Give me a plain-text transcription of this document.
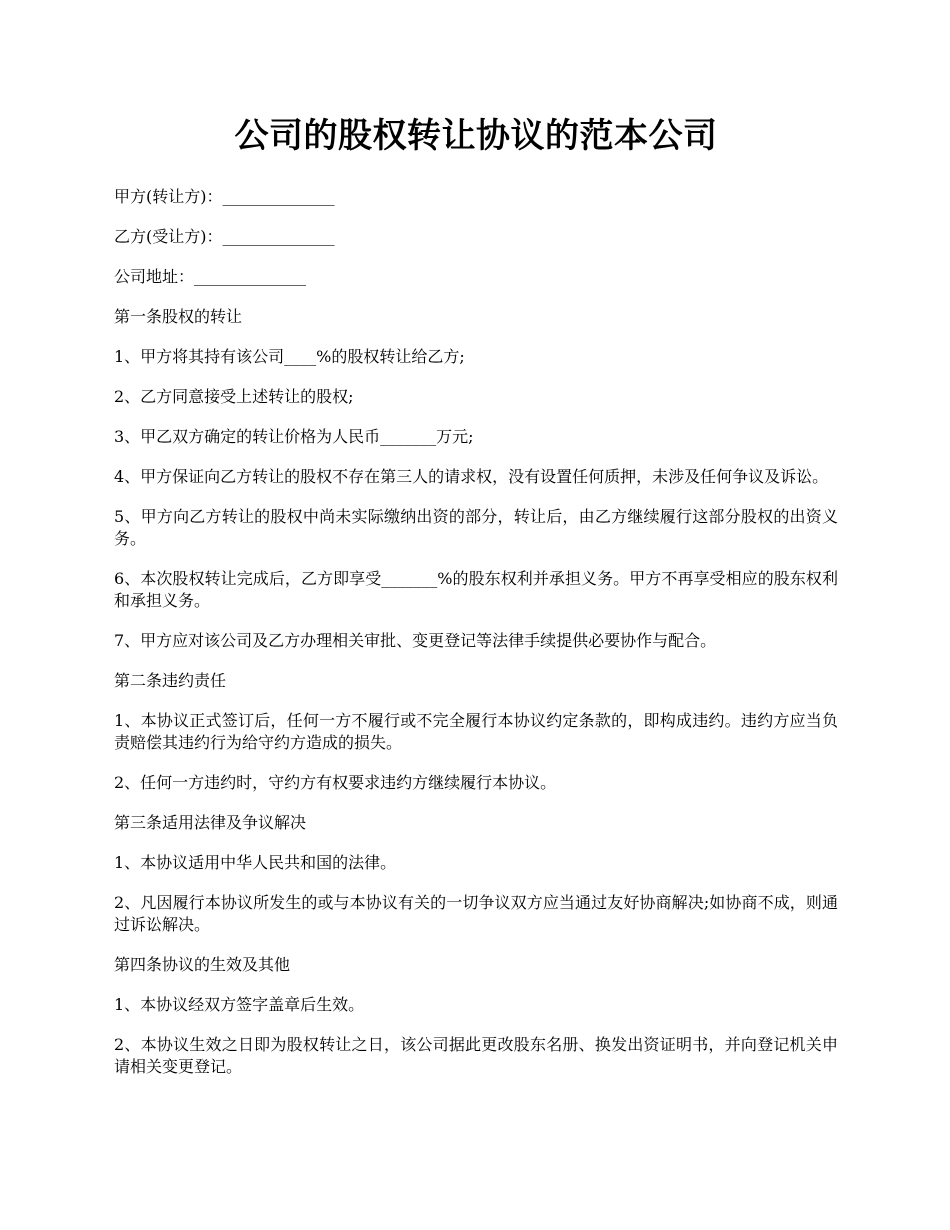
公司的股权转让协议的范本公司

甲方(转让方)：______________

乙方(受让方)：______________

公司地址：______________

第一条股权的转让

1、甲方将其持有该公司____%的股权转让给乙方;

2、乙方同意接受上述转让的股权;

3、甲乙双方确定的转让价格为人民币_______万元;

4、甲方保证向乙方转让的股权不存在第三人的请求权，没有设置任何质押，未涉及任何争议及诉讼。

5、甲方向乙方转让的股权中尚未实际缴纳出资的部分，转让后，由乙方继续履行这部分股权的出资义务。

6、本次股权转让完成后，乙方即享受_______%的股东权利并承担义务。甲方不再享受相应的股东权利和承担义务。

7、甲方应对该公司及乙方办理相关审批、变更登记等法律手续提供必要协作与配合。

第二条违约责任

1、本协议正式签订后，任何一方不履行或不完全履行本协议约定条款的，即构成违约。违约方应当负责赔偿其违约行为给守约方造成的损失。

2、任何一方违约时，守约方有权要求违约方继续履行本协议。

第三条适用法律及争议解决

1、本协议适用中华人民共和国的法律。

2、凡因履行本协议所发生的或与本协议有关的一切争议双方应当通过友好协商解决;如协商不成，则通过诉讼解决。

第四条协议的生效及其他

1、本协议经双方签字盖章后生效。

2、本协议生效之日即为股权转让之日，该公司据此更改股东名册、换发出资证明书，并向登记机关申请相关变更登记。
